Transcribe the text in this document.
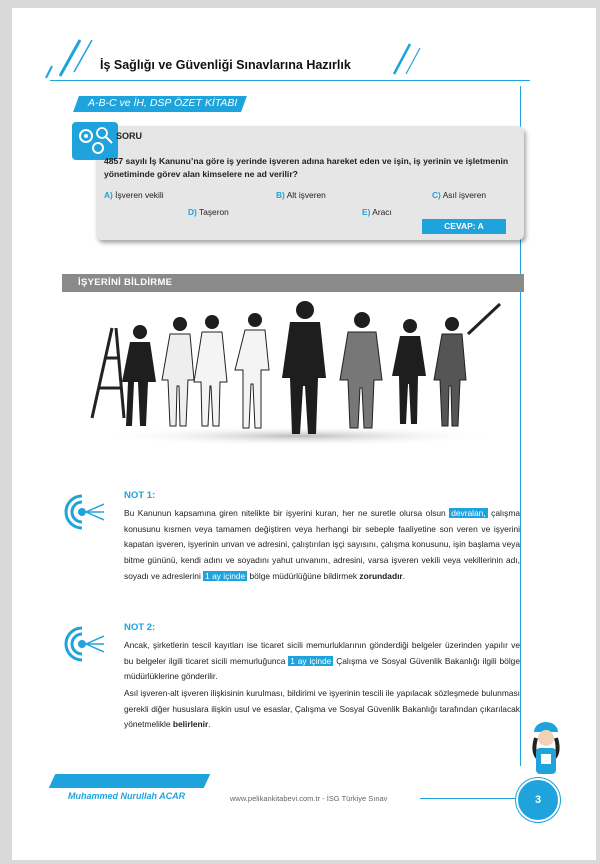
İş Sağlığı ve Güvenliği Sınavlarına Hazırlık
A-B-C ve İH, DSP ÖZET KİTABI
SORU
4857 sayılı İş Kanunu’na göre iş yerinde işveren adına hareket eden ve işin, iş yerinin ve işletmenin yönetiminde görev alan kimselere ne ad verilir?
A) İşveren vekili	B) Alt işveren	C) Asıl işveren
D) Taşeron	E) Aracı
CEVAP: A
İŞYERİNİ BİLDİRME
NOT 1:
Bu Kanunun kapsamına giren nitelikte bir işyerini kuran, her ne suretle olursa olsun devralan, çalışma konusunu kısmen veya tamamen değiştiren veya herhangi bir sebeple faaliyetine son veren ve işyerini kapatan işveren, işyerinin unvan ve adresini, çalıştırılan işçi sayısını, çalışma konusunu, işin başlama veya bitme gününü, kendi adını ve soyadını yahut unvanını, adresini, varsa işveren vekili veya vekillerinin adı, soyadı ve adreslerini 1 ay içinde bölge müdürlüğüne bildirmek zorundadır.
NOT 2:
Ancak, şirketlerin tescil kayıtları ise ticaret sicili memurluklarının gönderdiği belgeler üzerinden yapılır ve bu belgeler ilgili ticaret sicili memurluğunca 1 ay içinde Çalışma ve Sosyal Güvenlik Bakanlığı ilgili bölge müdürlüklerine gönderilir.
Asıl işveren-alt işveren ilişkisinin kurulması, bildirimi ve işyerinin tescili ile yapılacak sözleşmede bulunması gerekli diğer hususlara ilişkin usul ve esaslar, Çalışma ve Sosyal Güvenlik Bakanlığı tarafından çıkarılacak yönetmelikle belirlenir.
Muhammed Nurullah ACAR	www.pelikankitabevi.com.tr - İSG Türkiye Sınav	3
